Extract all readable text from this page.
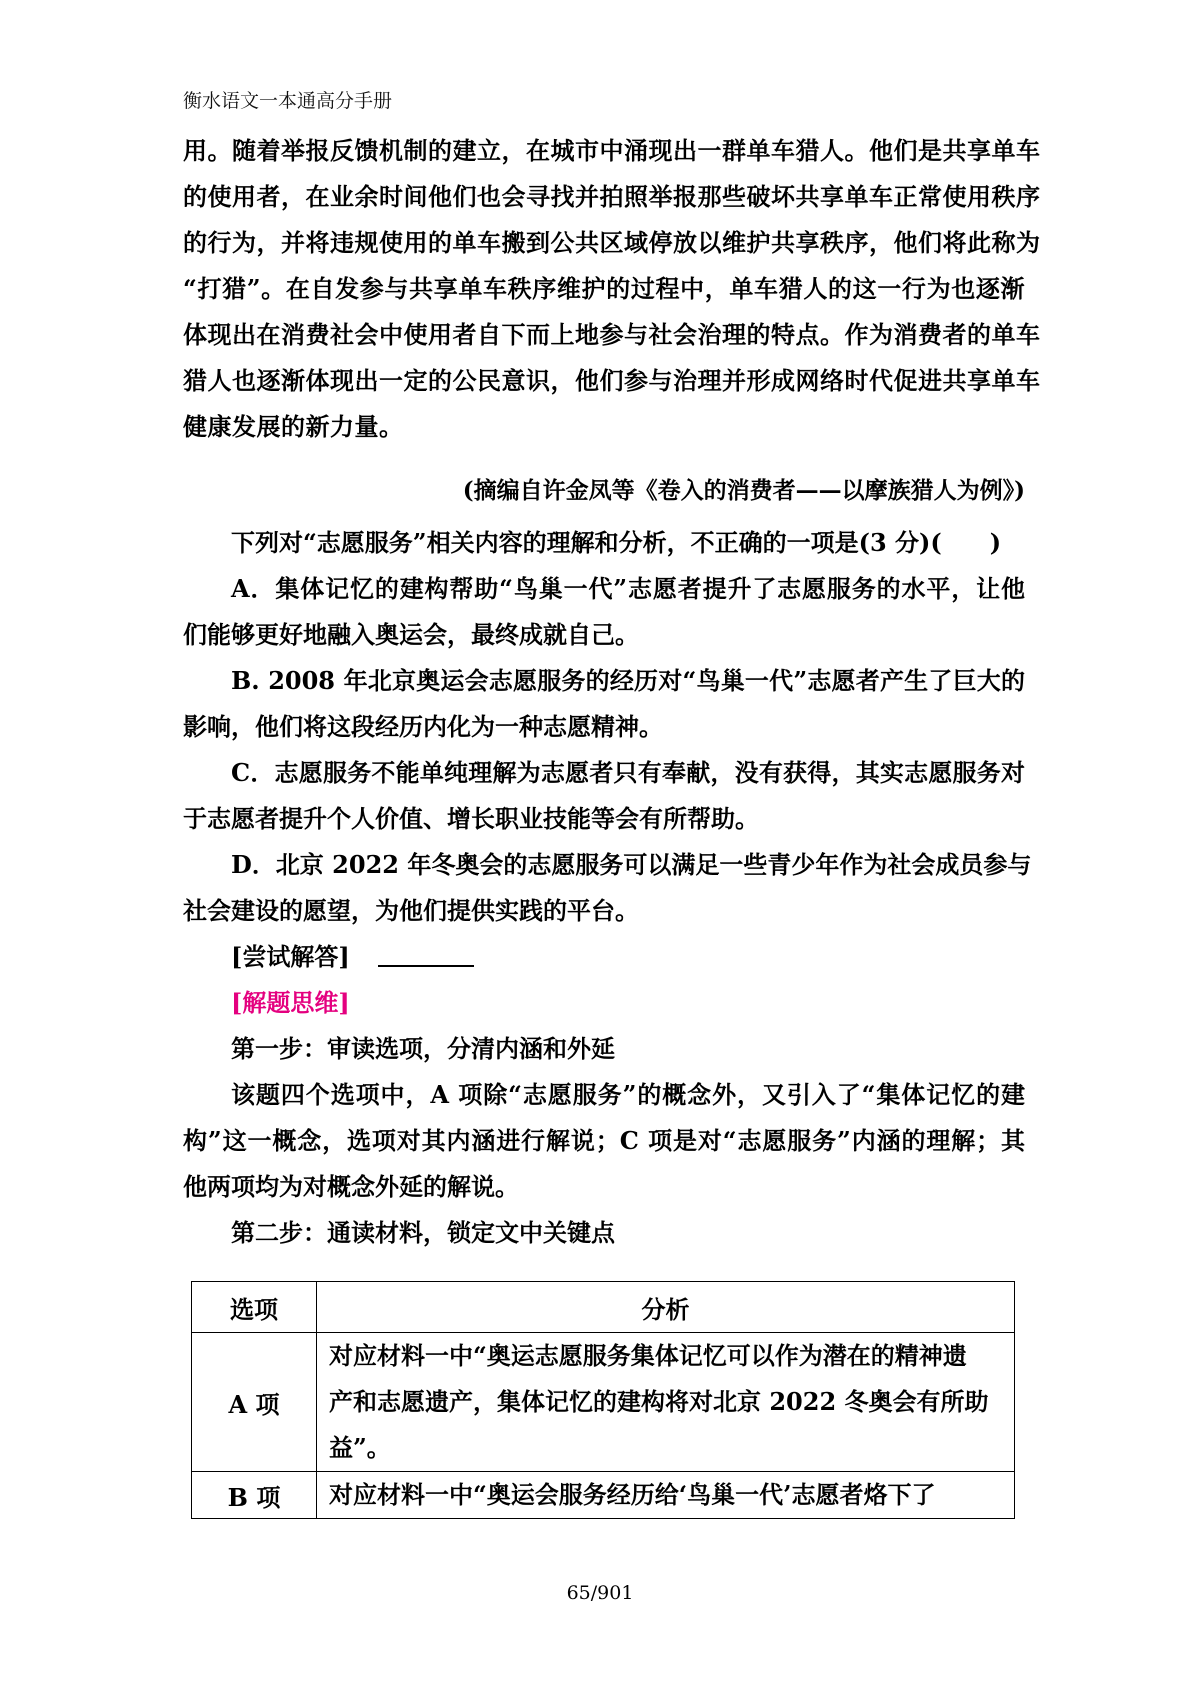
衡水语文一本通高分手册
用。随着举报反馈机制的建立，在城市中涌现出一群单车猎人。他们是共享单车
的使用者，在业余时间他们也会寻找并拍照举报那些破坏共享单车正常使用秩序
的行为，并将违规使用的单车搬到公共区域停放以维护共享秩序，他们将此称为
“打猎”。在自发参与共享单车秩序维护的过程中，单车猎人的这一行为也逐渐
体现出在消费社会中使用者自下而上地参与社会治理的特点。作为消费者的单车
猎人也逐渐体现出一定的公民意识，他们参与治理并形成网络时代促进共享单车
健康发展的新力量。
(摘编自许金凤等《卷入的消费者——以摩族猎人为例》)
下列对“志愿服务”相关内容的理解和分析，不正确的一项是(3 分)(　　)
A．集体记忆的建构帮助“鸟巢一代”志愿者提升了志愿服务的水平，让他
们能够更好地融入奥运会，最终成就自己。
B. 2008 年北京奥运会志愿服务的经历对“鸟巢一代”志愿者产生了巨大的
影响，他们将这段经历内化为一种志愿精神。
C．志愿服务不能单纯理解为志愿者只有奉献，没有获得，其实志愿服务对
于志愿者提升个人价值、增长职业技能等会有所帮助。
D．北京 2022 年冬奥会的志愿服务可以满足一些青少年作为社会成员参与
社会建设的愿望，为他们提供实践的平台。
[尝试解答]
[解题思维]
第一步：审读选项，分清内涵和外延
该题四个选项中，A 项除“志愿服务”的概念外，又引入了“集体记忆的建
构”这一概念，选项对其内涵进行解说；C 项是对“志愿服务”内涵的理解；其
他两项均为对概念外延的解说。
第二步：通读材料，锁定文中关键点
选项	分析
A 项	对应材料一中“奥运志愿服务集体记忆可以作为潜在的精神遗
产和志愿遗产，集体记忆的建构将对北京 2022 冬奥会有所助
益”。

B 项	对应材料一中“奥运会服务经历给‘鸟巢一代’志愿者烙下了
65/901
